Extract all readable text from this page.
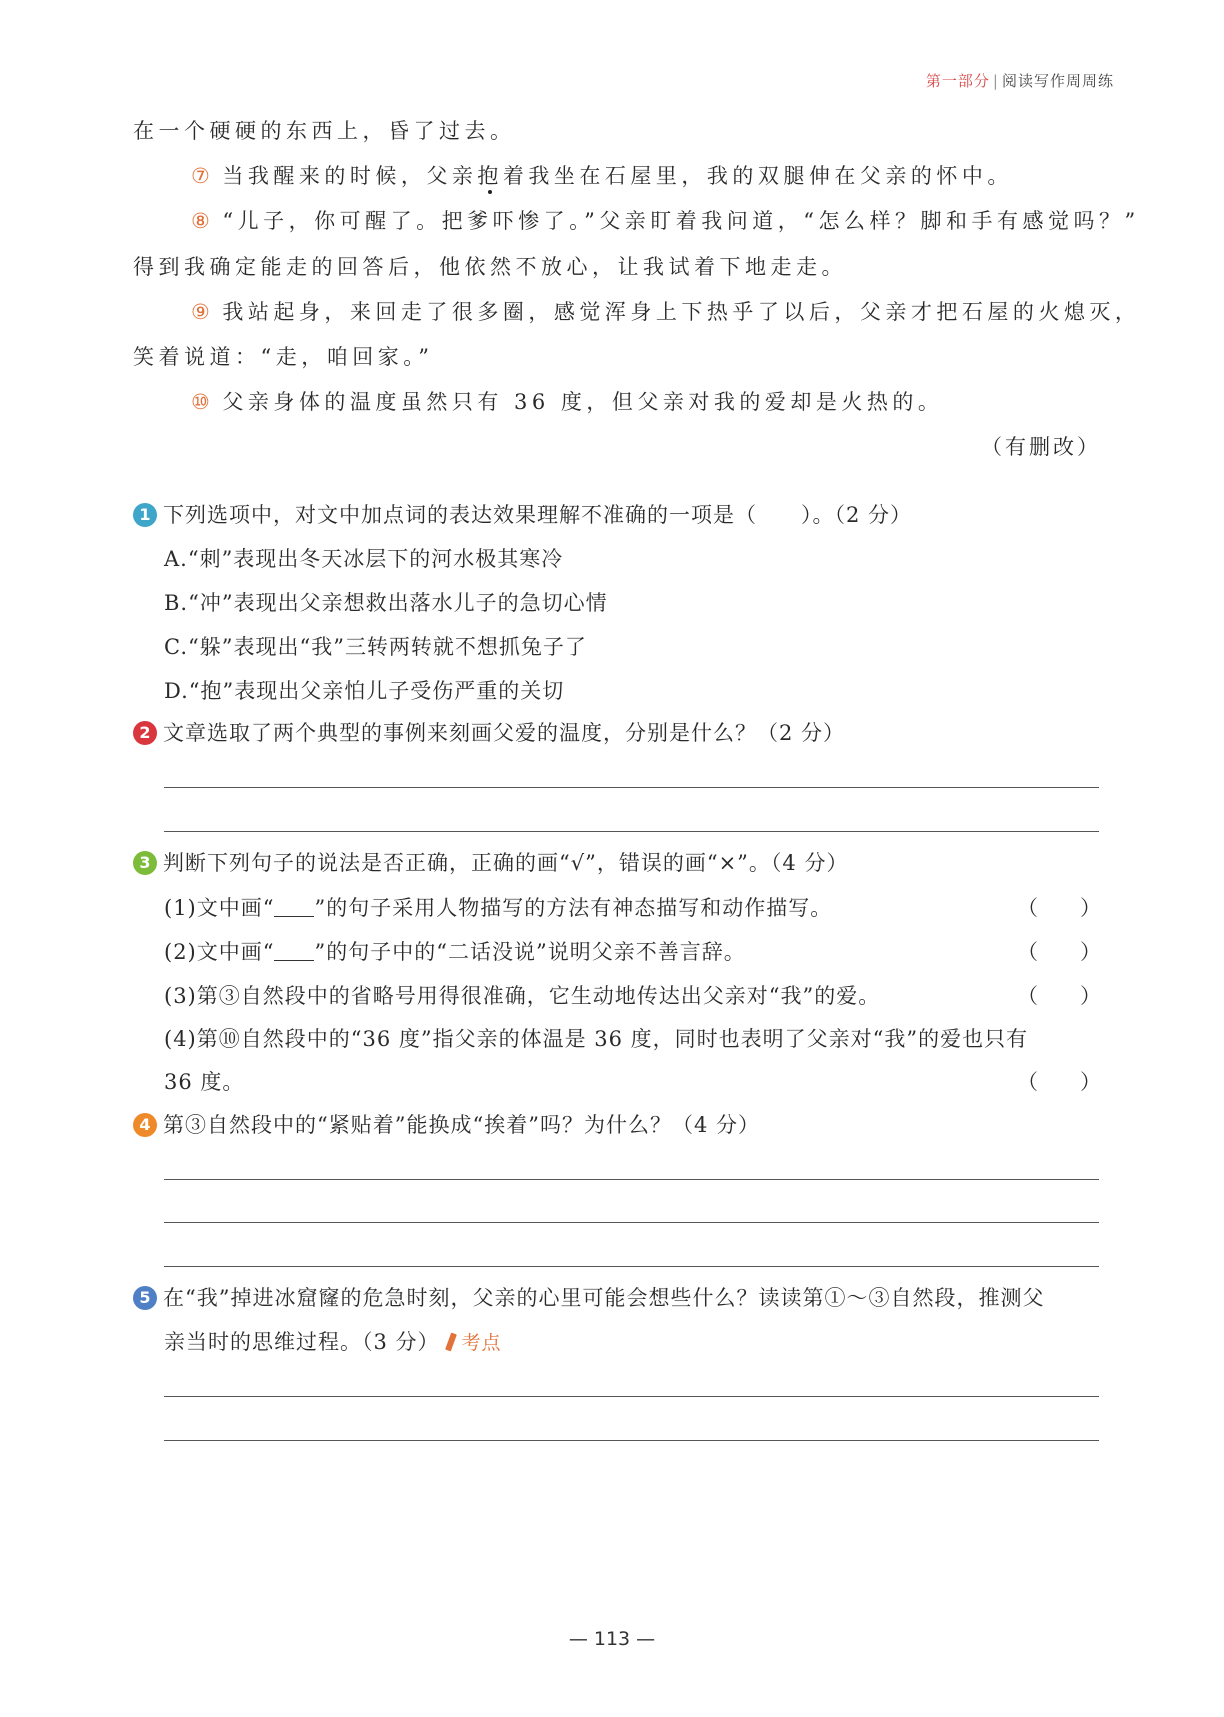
第一部分 | 阅读写作周周练
在一个硬硬的东西上，昏了过去。
⑦ 当我醒来的时候，父亲抱着我坐在石屋里，我的双腿伸在父亲的怀中。
⑧ “儿子，你可醒了。把爹吓惨了。”父亲盯着我问道，“怎么样？脚和手有感觉吗？”
得到我确定能走的回答后，他依然不放心，让我试着下地走走。
⑨ 我站起身，来回走了很多圈，感觉浑身上下热乎了以后，父亲才把石屋的火熄灭，
笑着说道：“走，咱回家。”
⑩ 父亲身体的温度虽然只有 36 度，但父亲对我的爱却是火热的。
（有删改）
1 下列选项中，对文中加点词的表达效果理解不准确的一项是（　　）。（2 分）
A.“刺”表现出冬天冰层下的河水极其寒冷
B.“冲”表现出父亲想救出落水儿子的急切心情
C.“躲”表现出“我”三转两转就不想抓兔子了
D.“抱”表现出父亲怕儿子受伤严重的关切
2 文章选取了两个典型的事例来刻画父爱的温度，分别是什么？（2 分）
3 判断下列句子的说法是否正确，正确的画“√”，错误的画“×”。（4 分）
(1)文中画“ ”的句子采用人物描写的方法有神态描写和动作描写。	（　　）
(2)文中画“ ”的句子中的“二话没说”说明父亲不善言辞。	（　　）
(3)第③自然段中的省略号用得很准确，它生动地传达出父亲对“我”的爱。	（　　）
(4)第⑩自然段中的“36 度”指父亲的体温是 36 度，同时也表明了父亲对“我”的爱也只有
36 度。	（　　）
4 第③自然段中的“紧贴着”能换成“挨着”吗？为什么？（4 分）
5 在“我”掉进冰窟窿的危急时刻，父亲的心里可能会想些什么？读读第①～③自然段，推测父
亲当时的思维过程。（3 分） 考点
— 113 —
